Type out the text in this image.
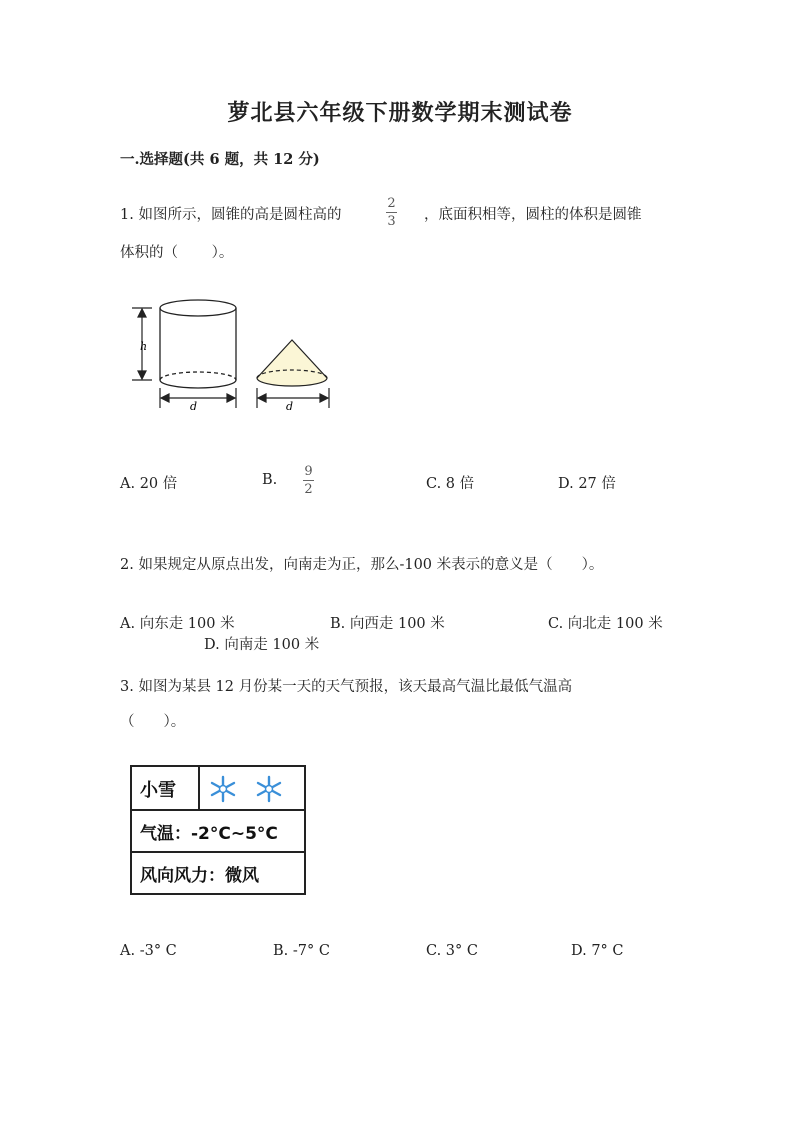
萝北县六年级下册数学期末测试卷
一.选择题(共 6 题，共 12 分)
1. 如图所示，圆锥的高是圆柱高的
2
3 ，底面积相等，圆柱的体积是圆锥
体积的（　　 ）。
h
d	d
A. 20 倍	B.
9
2	C. 8 倍	D. 27 倍
2. 如果规定从原点出发，向南走为正，那么-100 米表示的意义是（　　）。
A. 向东走 100 米	B. 向西走 100 米	C. 向北走 100 米
D. 向南走 100 米
3. 如图为某县 12 月份某一天的天气预报，该天最高气温比最低气温高
（　　）。
小雪
气温：-2°C~5°C
风向风力：微风
A. -3° C	B. -7° C	C. 3° C	D. 7° C
